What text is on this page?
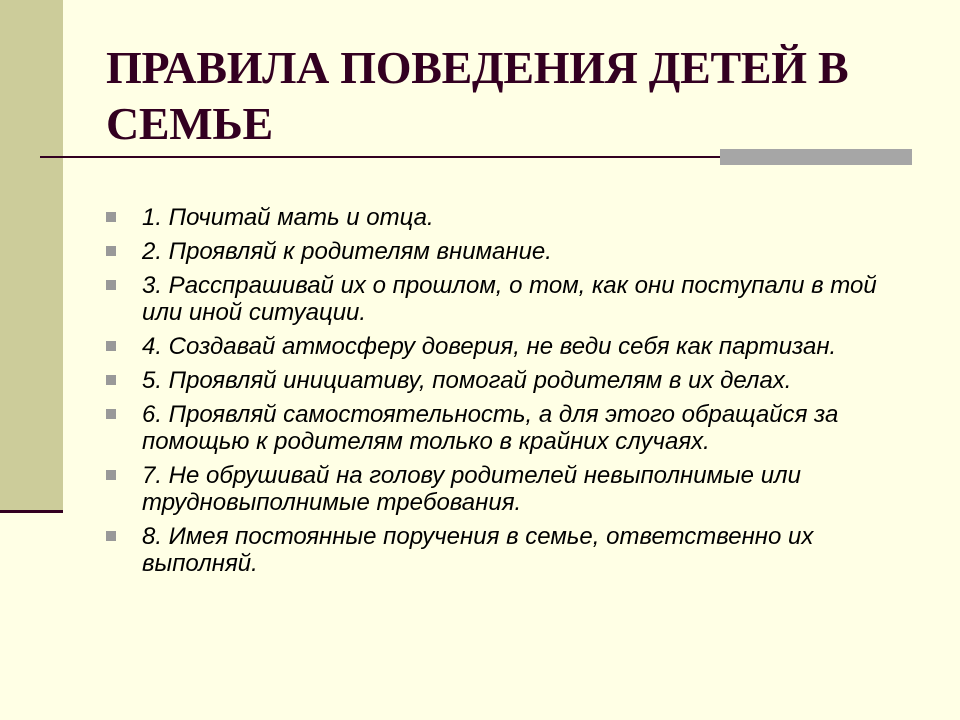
ПРАВИЛА ПОВЕДЕНИЯ ДЕТЕЙ В СЕМЬЕ
1. Почитай мать и отца.
2. Проявляй к родителям внимание.
3. Расспрашивай их о прошлом, о том, как они поступали в той или иной ситуации.
4. Создавай атмосферу доверия, не веди себя как партизан.
5. Проявляй инициативу, помогай родителям в их делах.
6. Проявляй самостоятельность, а для этого обращайся за помощью к родителям только в крайних случаях.
7. Не обрушивай на голову родителей невыполнимые или трудновыполнимые требования.
8. Имея постоянные поручения в семье, ответственно их выполняй.
